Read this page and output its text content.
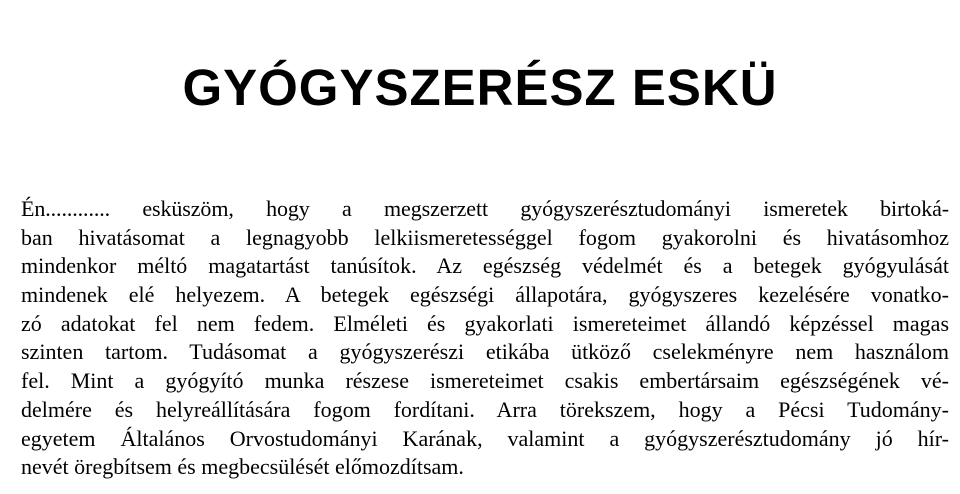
GYÓGYSZERÉSZ ESKÜ
Én............ esküszöm, hogy a megszerzett gyógyszerésztudományi ismeretek birtoká-
ban hivatásomat a legnagyobb lelkiismeretességgel fogom gyakorolni és hivatásomhoz
mindenkor méltó magatartást tanúsítok. Az egészség védelmét és a betegek gyógyulását
mindenek elé helyezem. A betegek egészségi állapotára, gyógyszeres kezelésére vonatko-
zó adatokat fel nem fedem. Elméleti és gyakorlati ismereteimet állandó képzéssel magas
szinten tartom. Tudásomat a gyógyszerészi etikába ütköző cselekményre nem használom
fel. Mint a gyógyító munka részese ismereteimet csakis embertársaim egészségének vé-
delmére és helyreállítására fogom fordítani. Arra törekszem, hogy a Pécsi Tudomány-
egyetem Általános Orvostudományi Karának, valamint a gyógyszerésztudomány jó hír-
nevét öregbítsem és megbecsülését előmozdítsam.
